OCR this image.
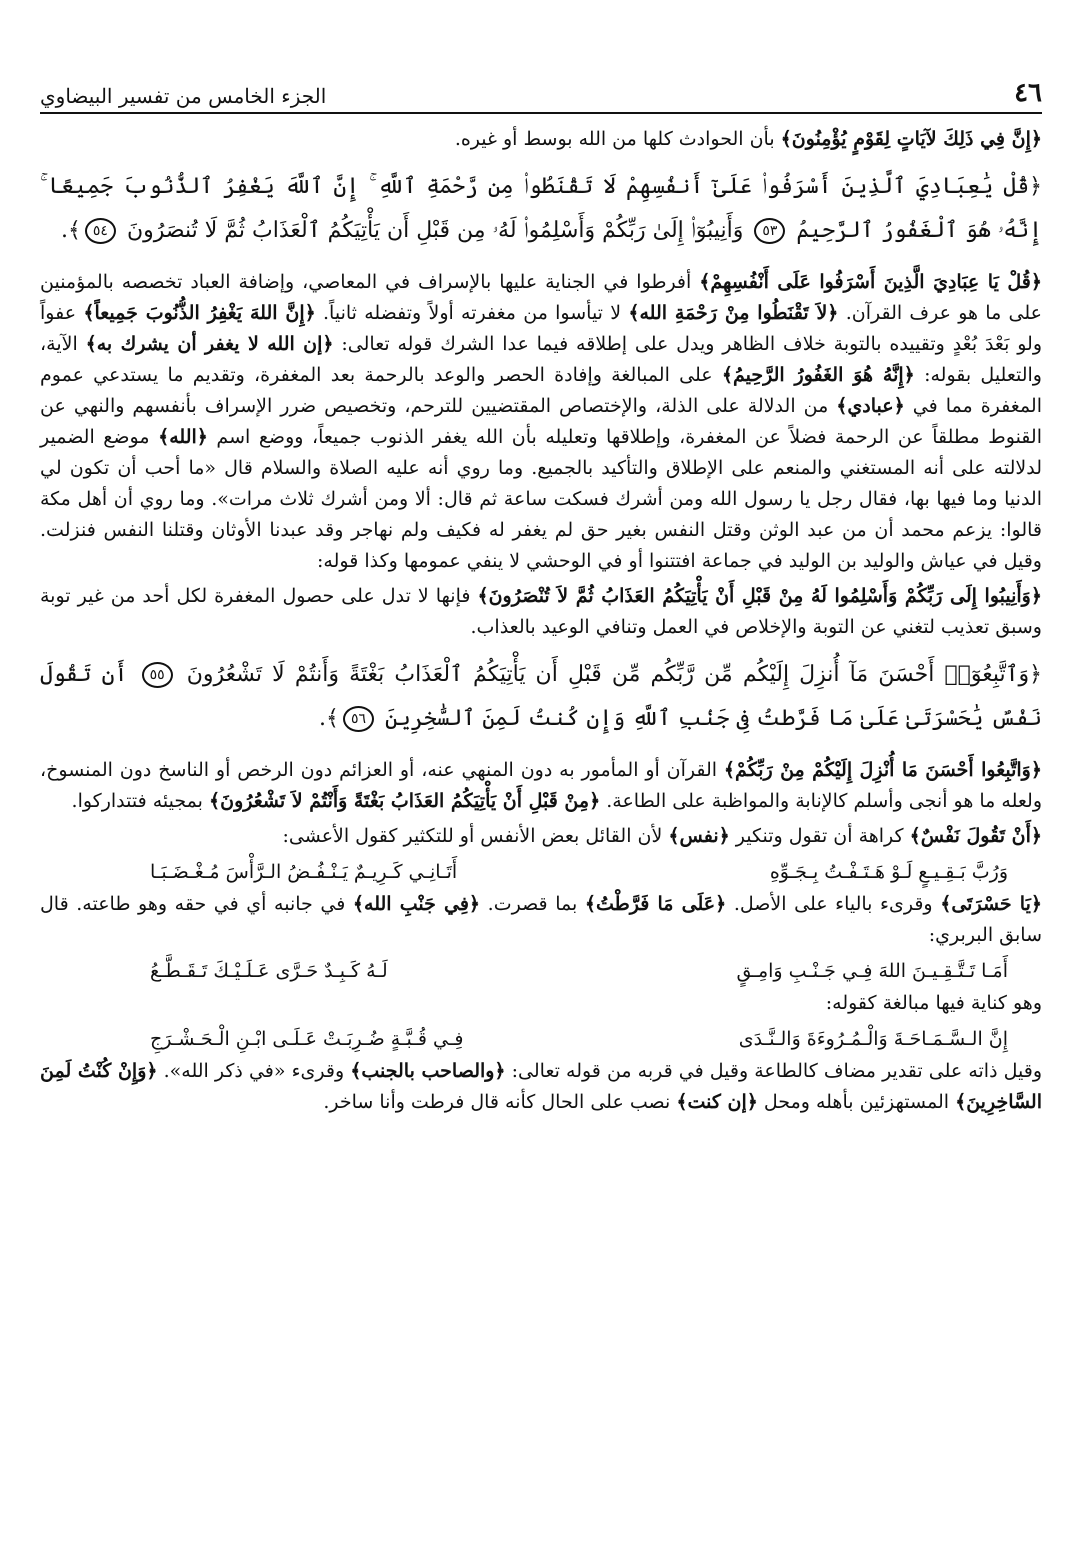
٤٦
الجزء الخامس من تفسير البيضاوي

﴿إِنَّ فِي ذَلِكَ لآيَاتٍ لِقَوْمٍ يُؤْمِنُونَ﴾ بأن الحوادث كلها من الله بوسط أو غيره.

﴿قُلْ يَٰعِبَادِيَ ٱلَّذِينَ أَسْرَفُوا۟ عَلَىٰٓ أَنفُسِهِمْ لَا تَقْنَطُوا۟ مِن رَّحْمَةِ ٱللَّهِ ۚ إِنَّ ٱللَّهَ يَغْفِرُ ٱلذُّنُوبَ جَمِيعًا ۚ إِنَّهُۥ هُوَ ٱلْغَفُورُ ٱلرَّحِيمُ ٥٣ وَأَنِيبُوٓا۟ إِلَىٰ رَبِّكُمْ وَأَسْلِمُوا۟ لَهُۥ مِن قَبْلِ أَن يَأْتِيَكُمُ ٱلْعَذَابُ ثُمَّ لَا تُنصَرُونَ ٥٤﴾.

﴿قُلْ يَا عِبَادِيَ الَّذِينَ أَسْرَفُوا عَلَى أَنْفُسِهِمْ﴾ أفرطوا في الجناية عليها بالإسراف في المعاصي، وإضافة العباد تخصصه بالمؤمنين على ما هو عرف القرآن. ﴿لاَ تَقْنَطُوا مِنْ رَحْمَةِ الله﴾ لا تيأسوا من مغفرته أولاً وتفضله ثانياً. ﴿إِنَّ اللهَ يَغْفِرُ الذُّنُوبَ جَمِيعاً﴾ عفواً ولو بَعْدَ بُعْدٍ وتقييده بالتوبة خلاف الظاهر ويدل على إطلاقه فيما عدا الشرك قوله تعالى: ﴿إن الله لا يغفر أن يشرك به﴾ الآية، والتعليل بقوله: ﴿إِنَّهُ هُوَ الغَفُورُ الرَّحِيمُ﴾ على المبالغة وإفادة الحصر والوعد بالرحمة بعد المغفرة، وتقديم ما يستدعي عموم المغفرة مما في ﴿عبادي﴾ من الدلالة على الذلة، والإختصاص المقتضيين للترحم، وتخصيص ضرر الإسراف بأنفسهم والنهي عن القنوط مطلقاً عن الرحمة فضلاً عن المغفرة، وإطلاقها وتعليله بأن الله يغفر الذنوب جميعاً، ووضع اسم ﴿الله﴾ موضع الضمير لدلالته على أنه المستغني والمنعم على الإطلاق والتأكيد بالجميع. وما روي أنه عليه الصلاة والسلام قال «ما أحب أن تكون لي الدنيا وما فيها بها، فقال رجل يا رسول الله ومن أشرك فسكت ساعة ثم قال: ألا ومن أشرك ثلاث مرات». وما روي أن أهل مكة قالوا: يزعم محمد أن من عبد الوثن وقتل النفس بغير حق لم يغفر له فكيف ولم نهاجر وقد عبدنا الأوثان وقتلنا النفس فنزلت. وقيل في عياش والوليد بن الوليد في جماعة افتتنوا أو في الوحشي لا ينفي عمومها وكذا قوله:

﴿وَأَنِيبُوا إِلَى رَبِّكُمْ وَأَسْلِمُوا لَهُ مِنْ قَبْلِ أَنْ يَأْتِيَكُمُ العَذَابُ ثُمَّ لاَ تُنْصَرُونَ﴾ فإنها لا تدل على حصول المغفرة لكل أحد من غير توبة وسبق تعذيب لتغني عن التوبة والإخلاص في العمل وتنافي الوعيد بالعذاب.

﴿وَٱتَّبِعُوٓا۟ أَحْسَنَ مَآ أُنزِلَ إِلَيْكُم مِّن رَّبِّكُم مِّن قَبْلِ أَن يَأْتِيَكُمُ ٱلْعَذَابُ بَغْتَةً وَأَنتُمْ لَا تَشْعُرُونَ ٥٥ أَن تَقُولَ نَفْسٌ يَٰحَسْرَتَىٰ عَلَىٰ مَا فَرَّطتُ فِى جَنۢبِ ٱللَّهِ وَإِن كُنتُ لَمِنَ ٱلسَّٰخِرِينَ ٥٦﴾.

﴿وَاتَّبِعُوا أَحْسَنَ مَا أُنْزِلَ إِلَيْكُمْ مِنْ رَبِّكُمْ﴾ القرآن أو المأمور به دون المنهي عنه، أو العزائم دون الرخص أو الناسخ دون المنسوخ، ولعله ما هو أنجى وأسلم كالإنابة والمواظبة على الطاعة. ﴿مِنْ قَبْلِ أَنْ يَأْتِيَكُمُ العَذَابُ بَغْتَةً وَأَنْتُمْ لاَ تَشْعُرُونَ﴾ بمجيئه فتتداركوا.

﴿أَنْ تَقُولَ نَفْسٌ﴾ كراهة أن تقول وتنكير ﴿نفس﴾ لأن القائل بعض الأنفس أو للتكثير كقول الأعشى:

وَرُبَّ بَـقِـيـعٍ لَـوْ هَـتَـفْـتُ بِـجَـوِّهِ
أَتَـانِـي كَـرِيـمٌ يَـنْـفُـضُ الـرَّأْسَ مُـغْـضَـبَـا

﴿يَا حَسْرَتَى﴾ وقرىء بالياء على الأصل. ﴿عَلَى مَا فَرَّطْتُ﴾ بما قصرت. ﴿فِي جَنْبِ الله﴾ في جانبه أي في حقه وهو طاعته. قال سابق البربري:

أَمَـا تَـتَّـقِـيـنَ اللهَ فِـي جَـنْـبِ وَامِـقٍ
لَـهُ كَـبِـدٌ حَـرَّى عَـلَـيْـكَ تَـقَـطَّـعُ

وهو كناية فيها مبالغة كقوله:

إِنَّ الـسَّـمَـاحَـةَ وَالْـمُـرُوءَةَ وَالـنَّـدَى
فِـي قُـبَّـةٍ ضُـرِبَـتْ عَـلَـى ابْـنِ الْـحَـشْـرَجِ

وقيل ذاته على تقدير مضاف كالطاعة وقيل في قربه من قوله تعالى: ﴿والصاحب بالجنب﴾ وقرىء «في ذكر الله». ﴿وَإِنْ كُنْتُ لَمِنَ السَّاخِرِينَ﴾ المستهزئين بأهله ومحل ﴿إن كنت﴾ نصب على الحال كأنه قال فرطت وأنا ساخر.
